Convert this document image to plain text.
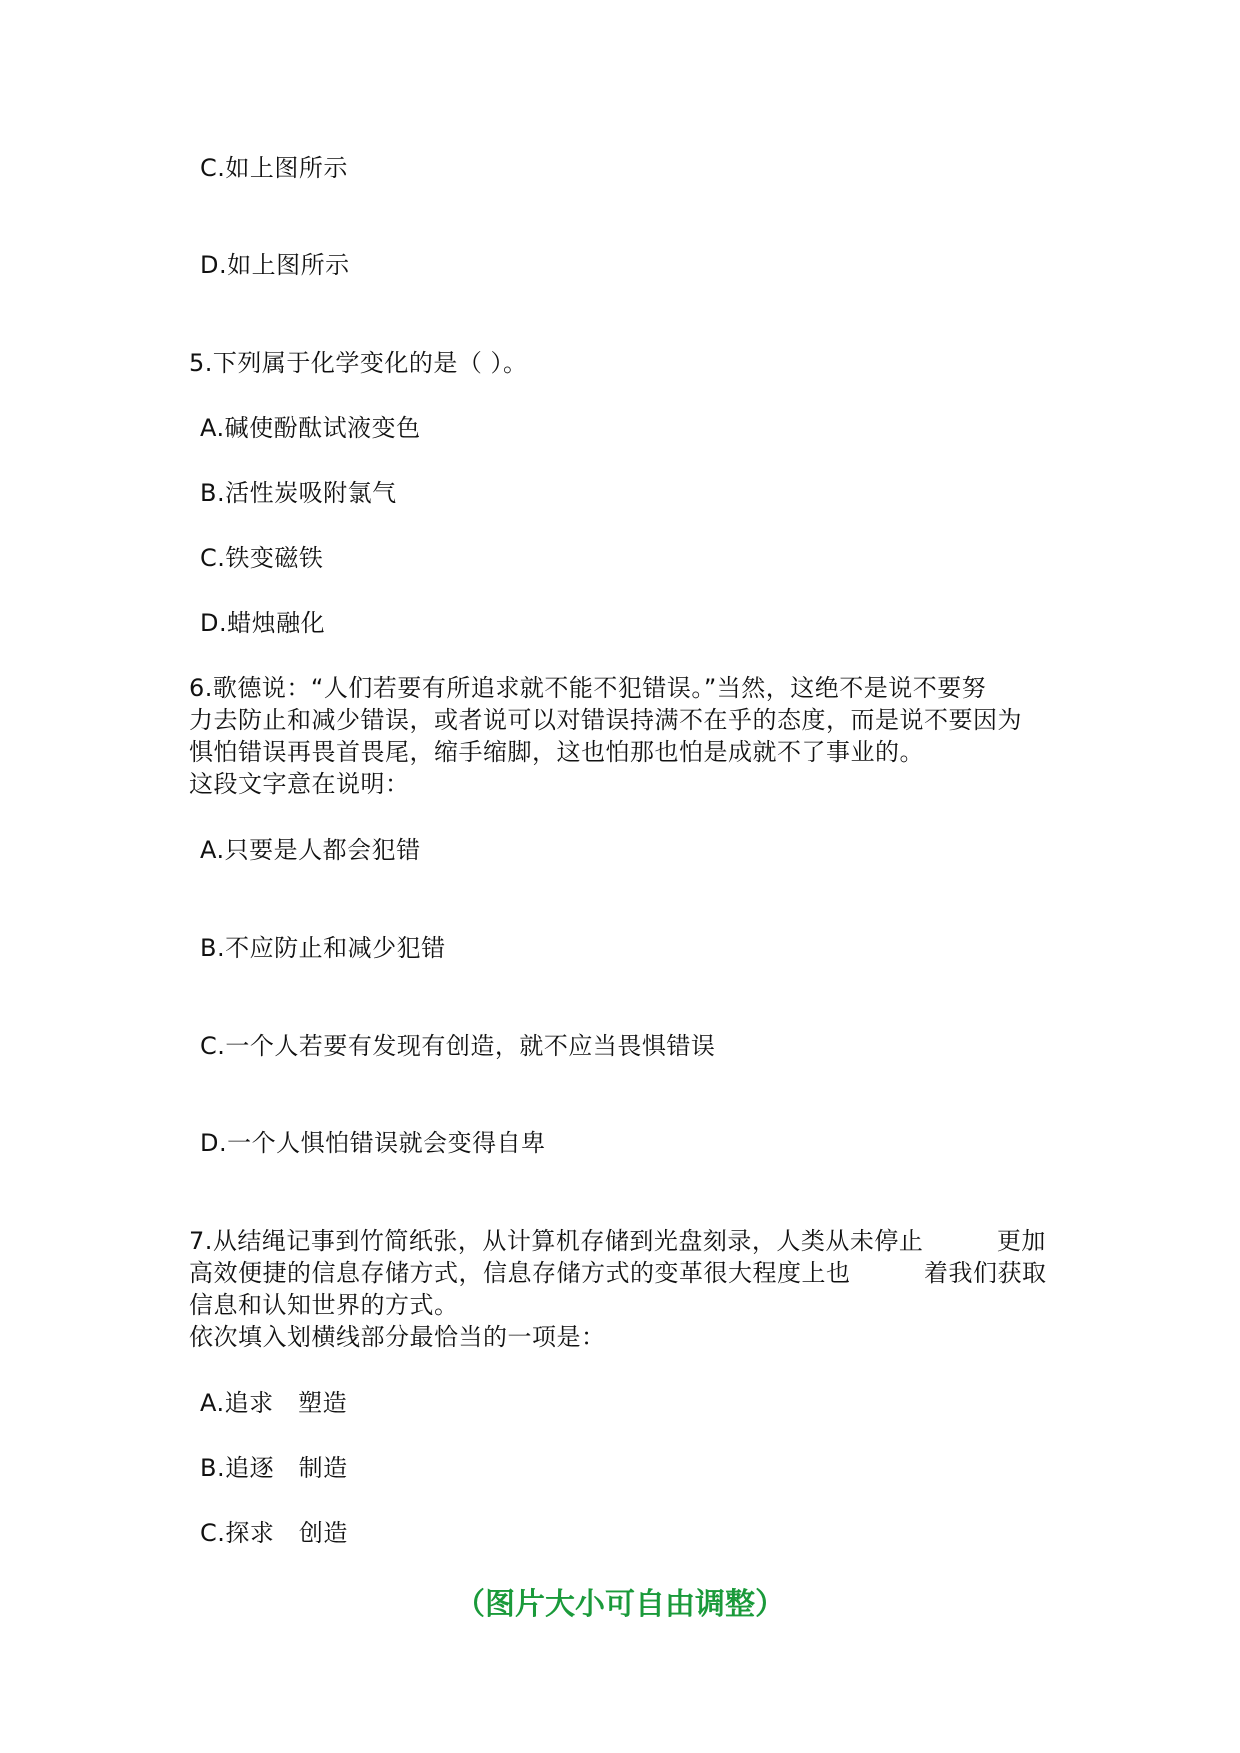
C.如上图所示
D.如上图所示
5.下列属于化学变化的是（ ）。
A.碱使酚酞试液变色
B.活性炭吸附氯气
C.铁变磁铁
D.蜡烛融化
6.歌德说：“人们若要有所追求就不能不犯错误。”当然，这绝不是说不要努
力去防止和减少错误，或者说可以对错误持满不在乎的态度，而是说不要因为
惧怕错误再畏首畏尾，缩手缩脚，这也怕那也怕是成就不了事业的。
这段文字意在说明：
A.只要是人都会犯错
B.不应防止和减少犯错
C.一个人若要有发现有创造，就不应当畏惧错误
D.一个人惧怕错误就会变得自卑
7.从结绳记事到竹简纸张，从计算机存储到光盘刻录，人类从未停止　　　更加
高效便捷的信息存储方式，信息存储方式的变革很大程度上也　　　着我们获取
信息和认知世界的方式。
依次填入划横线部分最恰当的一项是：
A.追求　塑造
B.追逐　制造
C.探求　创造
（图片大小可自由调整）
